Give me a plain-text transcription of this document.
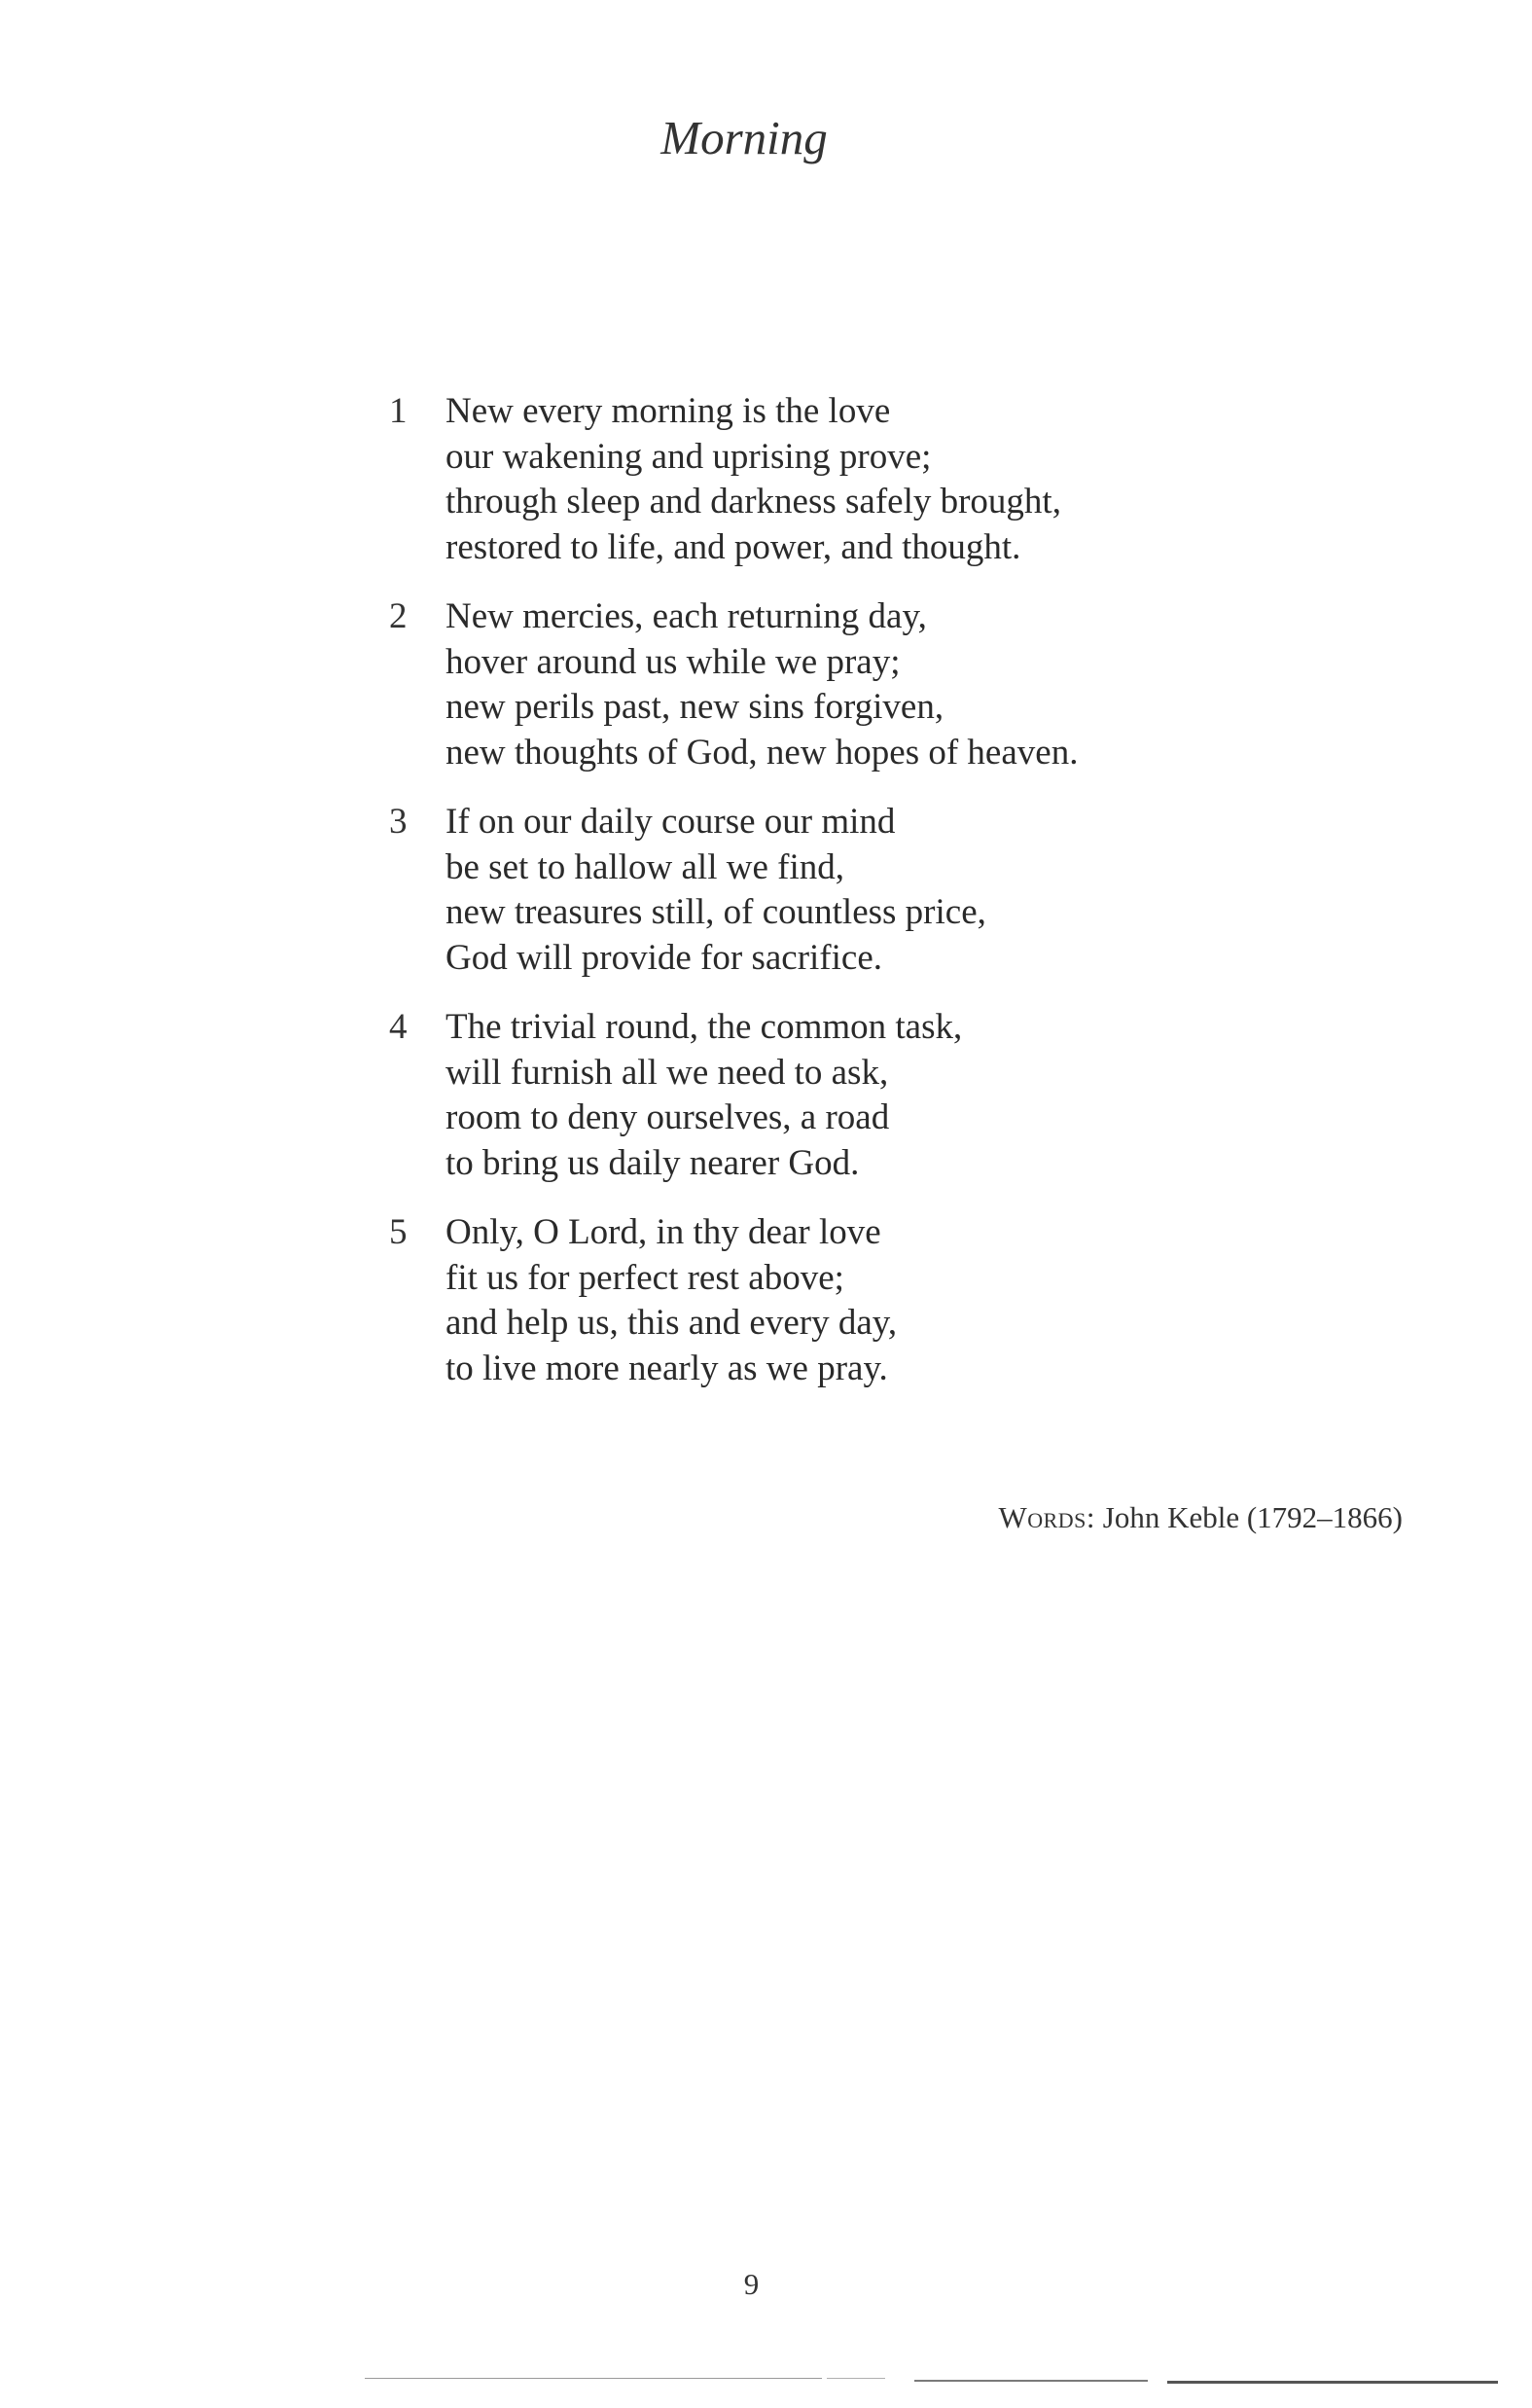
Morning
1	New every morning is the love
our wakening and uprising prove;
through sleep and darkness safely brought,
restored to life, and power, and thought.
2	New mercies, each returning day,
hover around us while we pray;
new perils past, new sins forgiven,
new thoughts of God, new hopes of heaven.
3	If on our daily course our mind
be set to hallow all we find,
new treasures still, of countless price,
God will provide for sacrifice.
4	The trivial round, the common task,
will furnish all we need to ask,
room to deny ourselves, a road
to bring us daily nearer God.
5	Only, O Lord, in thy dear love
fit us for perfect rest above;
and help us, this and every day,
to live more nearly as we pray.
Words: John Keble (1792–1866)
9
